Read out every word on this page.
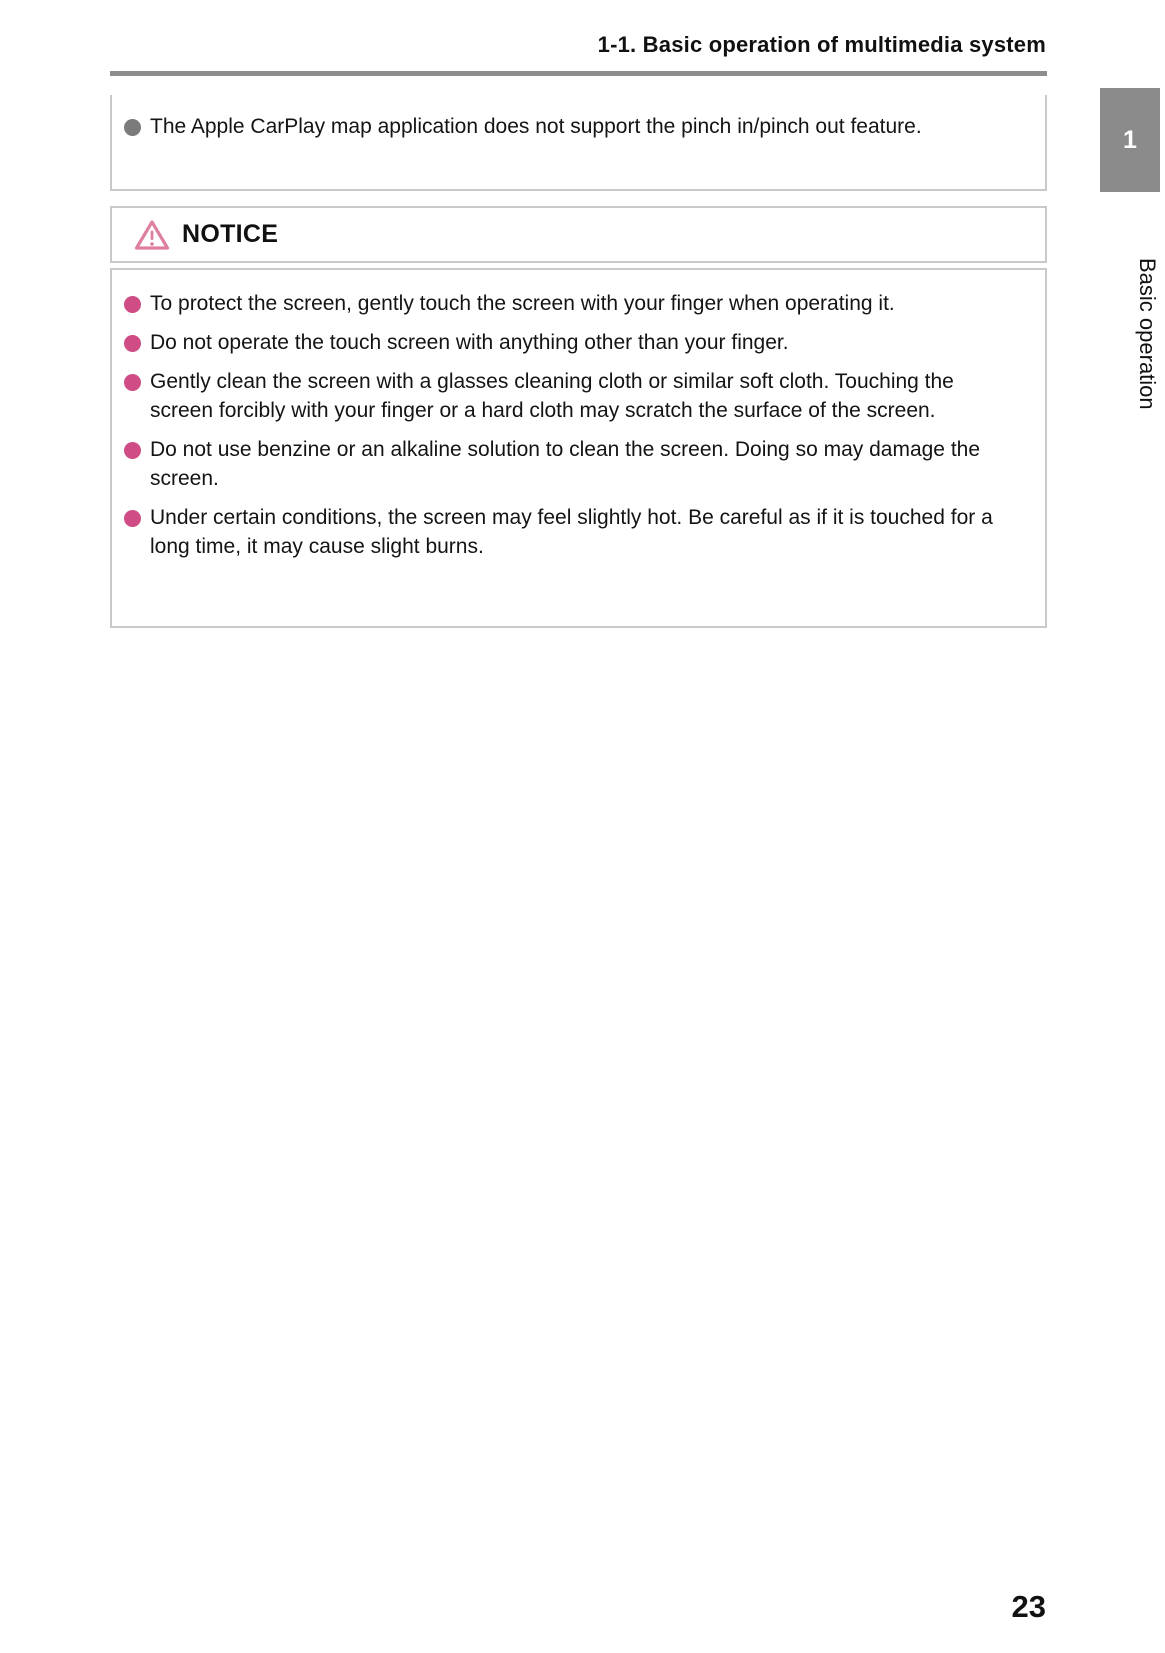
1-1. Basic operation of multimedia system
The Apple CarPlay map application does not support the pinch in/pinch out feature.
NOTICE
To protect the screen, gently touch the screen with your finger when operating it.
Do not operate the touch screen with anything other than your finger.
Gently clean the screen with a glasses cleaning cloth or similar soft cloth. Touching the screen forcibly with your finger or a hard cloth may scratch the surface of the screen.
Do not use benzine or an alkaline solution to clean the screen. Doing so may damage the screen.
Under certain conditions, the screen may feel slightly hot. Be careful as if it is touched for a long time, it may cause slight burns.
1
Basic operation
23
